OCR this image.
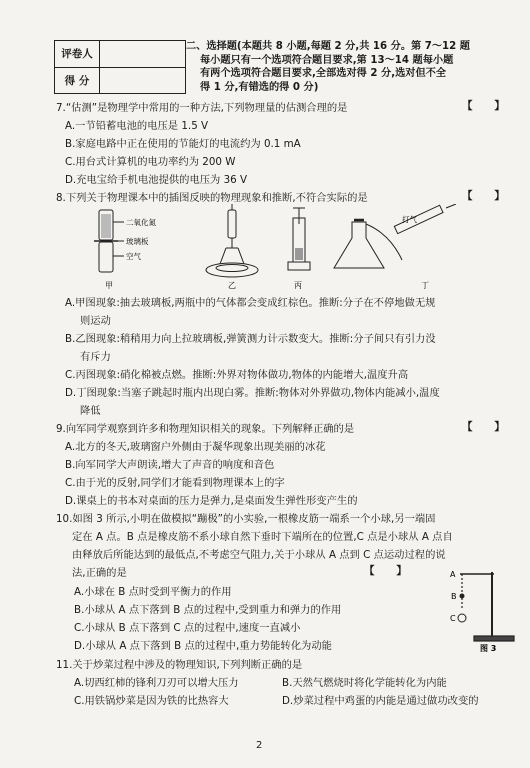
评卷人
得 分
二、选择题(本题共 8 小题,每题 2 分,共 16 分。第 7～12 题
每小题只有一个选项符合题目要求,第 13～14 题每小题
有两个选项符合题目要求,全部选对得 2 分,选对但不全
得 1 分,有错选的得 0 分)
7.“估测”是物理学中常用的一种方法,下列物理量的估测合理的是	【      】
A.一节铅蓄电池的电压是 1.5 V
B.家庭电路中正在使用的节能灯的电流约为 0.1 mA
C.用台式计算机的电功率约为 200 W
D.充电宝给手机电池提供的电压为 36 V
8.下列关于物理课本中的插图反映的物理现象和推断,不符合实际的是	【      】
二氧化氮
玻璃板
空气
甲	乙	丙
打气
丁
A.甲图现象:抽去玻璃板,两瓶中的气体都会变成红棕色。推断:分子在不停地做无规
则运动
B.乙图现象:稍稍用力向上拉玻璃板,弹簧测力计示数变大。推断:分子间只有引力没
有斥力
C.丙图现象:硝化棉被点燃。推断:外界对物体做功,物体的内能增大,温度升高
D.丁图现象:当塞子跳起时瓶内出现白雾。推断:物体对外界做功,物体内能减小,温度
降低
9.向军同学观察到许多和物理知识相关的现象。下列解释正确的是	【      】
A.北方的冬天,玻璃窗户外侧由于凝华现象出现美丽的冰花
B.向军同学大声朗读,增大了声音的响度和音色
C.由于光的反射,同学们才能看到物理课本上的字
D.课桌上的书本对桌面的压力是弹力,是桌面发生弹性形变产生的
10.如图 3 所示,小明在做模拟“蹦极”的小实验,一根橡皮筋一端系一个小球,另一端固
定在 A 点。B 点是橡皮筋不系小球自然下垂时下端所在的位置,C 点是小球从 A 点自
由释放后所能达到的最低点,不考虑空气阻力,关于小球从 A 点到 C 点运动过程的说
法,正确的是	【      】
A.小球在 B 点时受到平衡力的作用
B.小球从 A 点下落到 B 点的过程中,受到重力和弹力的作用
C.小球从 B 点下落到 C 点的过程中,速度一直减小
D.小球从 A 点下落到 B 点的过程中,重力势能转化为动能
A
B
C
图 3
11.关于炒菜过程中涉及的物理知识,下列判断正确的是
A.切西红柿的锋利刀刃可以增大压力	B.天然气燃烧时将化学能转化为内能
C.用铁锅炒菜是因为铁的比热容大	D.炒菜过程中鸡蛋的内能是通过做功改变的
2
